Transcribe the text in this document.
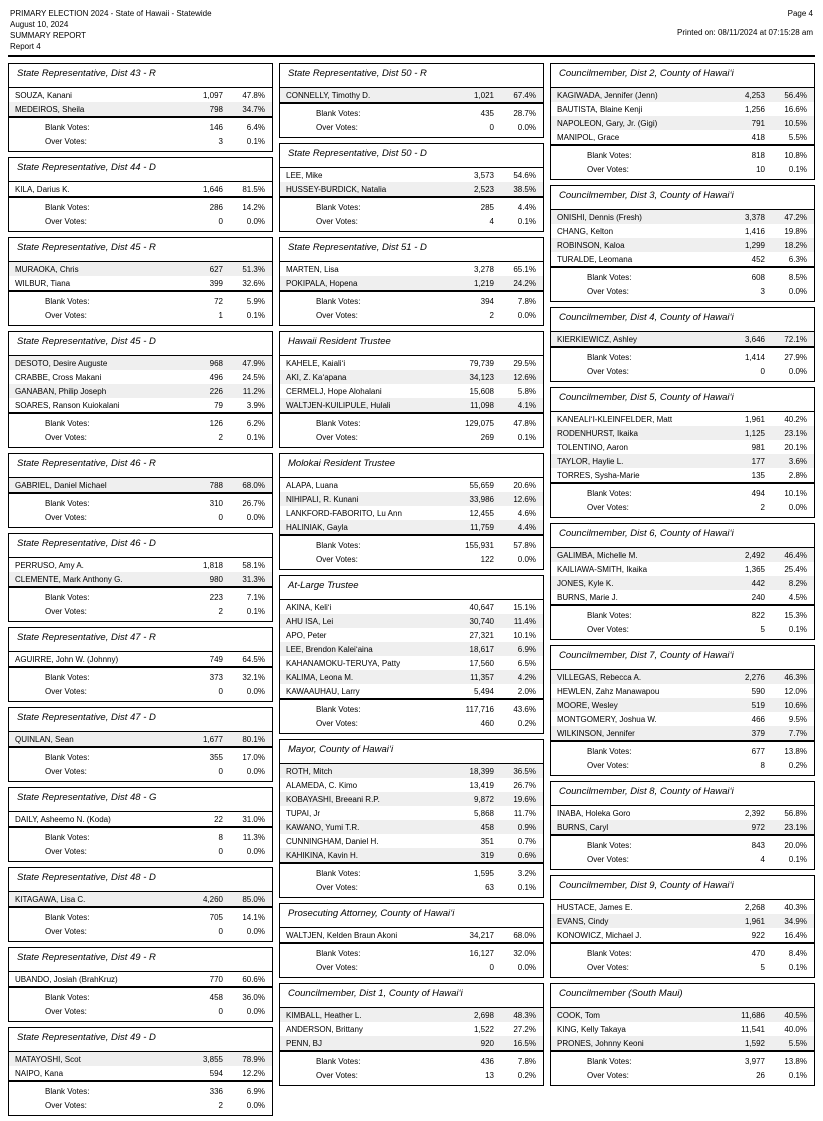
PRIMARY ELECTION 2024 - State of Hawaii - Statewide
August 10, 2024
SUMMARY REPORT
Report 4
Page 4
Printed on: 08/11/2024 at 07:15:28 am
State Representative, Dist 43 - R
SOUZA, Kanani	1,097	47.8%
MEDEIROS, Sheila	798	34.7%
Blank Votes:	146	6.4%
Over Votes:	3	0.1%
State Representative, Dist 44 - D
KILA, Darius K.	1,646	81.5%
Blank Votes:	286	14.2%
Over Votes:	0	0.0%
State Representative, Dist 45 - R
MURAOKA, Chris	627	51.3%
WILBUR, Tiana	399	32.6%
Blank Votes:	72	5.9%
Over Votes:	1	0.1%
State Representative, Dist 45 - D
DESOTO, Desire Auguste	968	47.9%
CRABBE, Cross Makani	496	24.5%
GANABAN, Philip Joseph	226	11.2%
SOARES, Ranson Kuiokalani	79	3.9%
Blank Votes:	126	6.2%
Over Votes:	2	0.1%
State Representative, Dist 46 - R
GABRIEL, Daniel Michael	788	68.0%
Blank Votes:	310	26.7%
Over Votes:	0	0.0%
State Representative, Dist 46 - D
PERRUSO, Amy A.	1,818	58.1%
CLEMENTE, Mark Anthony G.	980	31.3%
Blank Votes:	223	7.1%
Over Votes:	2	0.1%
State Representative, Dist 47 - R
AGUIRRE, John W. (Johnny)	749	64.5%
Blank Votes:	373	32.1%
Over Votes:	0	0.0%
State Representative, Dist 47 - D
QUINLAN, Sean	1,677	80.1%
Blank Votes:	355	17.0%
Over Votes:	0	0.0%
State Representative, Dist 48 - G
DAILY, Asheemo N. (Koda)	22	31.0%
Blank Votes:	8	11.3%
Over Votes:	0	0.0%
State Representative, Dist 48 - D
KITAGAWA, Lisa C.	4,260	85.0%
Blank Votes:	705	14.1%
Over Votes:	0	0.0%
State Representative, Dist 49 - R
UBANDO, Josiah (BrahKruz)	770	60.6%
Blank Votes:	458	36.0%
Over Votes:	0	0.0%
State Representative, Dist 49 - D
MATAYOSHI, Scot	3,855	78.9%
NAIPO, Kana	594	12.2%
Blank Votes:	336	6.9%
Over Votes:	2	0.0%
State Representative, Dist 50 - R
CONNELLY, Timothy D.	1,021	67.4%
Blank Votes:	435	28.7%
Over Votes:	0	0.0%
State Representative, Dist 50 - D
LEE, Mike	3,573	54.6%
HUSSEY-BURDICK, Natalia	2,523	38.5%
Blank Votes:	285	4.4%
Over Votes:	4	0.1%
State Representative, Dist 51 - D
MARTEN, Lisa	3,278	65.1%
POKIPALA, Hopena	1,219	24.2%
Blank Votes:	394	7.8%
Over Votes:	2	0.0%
Hawaii Resident Trustee
KAHELE, Kaialiʻi	79,739	29.5%
AKI, Z. Kaʻapana	34,123	12.6%
CERMELJ, Hope Alohalani	15,608	5.8%
WALTJEN-KUILIPULE, Hulali	11,098	4.1%
Blank Votes:	129,075	47.8%
Over Votes:	269	0.1%
Molokai Resident Trustee
ALAPA, Luana	55,659	20.6%
NIHIPALI, R. Kunani	33,986	12.6%
LANKFORD-FABORITO, Lu Ann	12,455	4.6%
HALINIAK, Gayla	11,759	4.4%
Blank Votes:	155,931	57.8%
Over Votes:	122	0.0%
At-Large Trustee
AKINA, Keliʻi	40,647	15.1%
AHU ISA, Lei	30,740	11.4%
APO, Peter	27,321	10.1%
LEE, Brendon Kaleiʻaina	18,617	6.9%
KAHANAMOKU-TERUYA, Patty	17,560	6.5%
KALIMA, Leona M.	11,357	4.2%
KAWAAUHAU, Larry	5,494	2.0%
Blank Votes:	117,716	43.6%
Over Votes:	460	0.2%
Mayor, County of Hawaiʻi
ROTH, Mitch	18,399	36.5%
ALAMEDA, C. Kimo	13,419	26.7%
KOBAYASHI, Breeani R.P.	9,872	19.6%
TUPAI, Jr	5,868	11.7%
KAWANO, Yumi T.R.	458	0.9%
CUNNINGHAM, Daniel H.	351	0.7%
KAHIKINA, Kavin H.	319	0.6%
Blank Votes:	1,595	3.2%
Over Votes:	63	0.1%
Prosecuting Attorney, County of Hawaiʻi
WALTJEN, Kelden Braun Akoni	34,217	68.0%
Blank Votes:	16,127	32.0%
Over Votes:	0	0.0%
Councilmember, Dist 1, County of Hawaiʻi
KIMBALL, Heather L.	2,698	48.3%
ANDERSON, Brittany	1,522	27.2%
PENN, BJ	920	16.5%
Blank Votes:	436	7.8%
Over Votes:	13	0.2%
Councilmember, Dist 2, County of Hawaiʻi
KAGIWADA, Jennifer (Jenn)	4,253	56.4%
BAUTISTA, Blaine Kenji	1,256	16.6%
NAPOLEON, Gary, Jr. (Gigi)	791	10.5%
MANIPOL, Grace	418	5.5%
Blank Votes:	818	10.8%
Over Votes:	10	0.1%
Councilmember, Dist 3, County of Hawaiʻi
ONISHI, Dennis (Fresh)	3,378	47.2%
CHANG, Kelton	1,416	19.8%
ROBINSON, Kaloa	1,299	18.2%
TURALDE, Leomana	452	6.3%
Blank Votes:	608	8.5%
Over Votes:	3	0.0%
Councilmember, Dist 4, County of Hawaiʻi
KIERKIEWICZ, Ashley	3,646	72.1%
Blank Votes:	1,414	27.9%
Over Votes:	0	0.0%
Councilmember, Dist 5, County of Hawaiʻi
KANEALIʻI-KLEINFELDER, Matt	1,961	40.2%
RODENHURST, Ikaika	1,125	23.1%
TOLENTINO, Aaron	981	20.1%
TAYLOR, Haylie L.	177	3.6%
TORRES, Sysha-Marie	135	2.8%
Blank Votes:	494	10.1%
Over Votes:	2	0.0%
Councilmember, Dist 6, County of Hawaiʻi
GALIMBA, Michelle M.	2,492	46.4%
KAILIAWA-SMITH, Ikaika	1,365	25.4%
JONES, Kyle K.	442	8.2%
BURNS, Marie J.	240	4.5%
Blank Votes:	822	15.3%
Over Votes:	5	0.1%
Councilmember, Dist 7, County of Hawaiʻi
VILLEGAS, Rebecca A.	2,276	46.3%
HEWLEN, Zahz Manawapou	590	12.0%
MOORE, Wesley	519	10.6%
MONTGOMERY, Joshua W.	466	9.5%
WILKINSON, Jennifer	379	7.7%
Blank Votes:	677	13.8%
Over Votes:	8	0.2%
Councilmember, Dist 8, County of Hawaiʻi
INABA, Holeka Goro	2,392	56.8%
BURNS, Caryl	972	23.1%
Blank Votes:	843	20.0%
Over Votes:	4	0.1%
Councilmember, Dist 9, County of Hawaiʻi
HUSTACE, James E.	2,268	40.3%
EVANS, Cindy	1,961	34.9%
KONOWICZ, Michael J.	922	16.4%
Blank Votes:	470	8.4%
Over Votes:	5	0.1%
Councilmember (South Maui)
COOK, Tom	11,686	40.5%
KING, Kelly Takaya	11,541	40.0%
PRONES, Johnny Keoni	1,592	5.5%
Blank Votes:	3,977	13.8%
Over Votes:	26	0.1%
